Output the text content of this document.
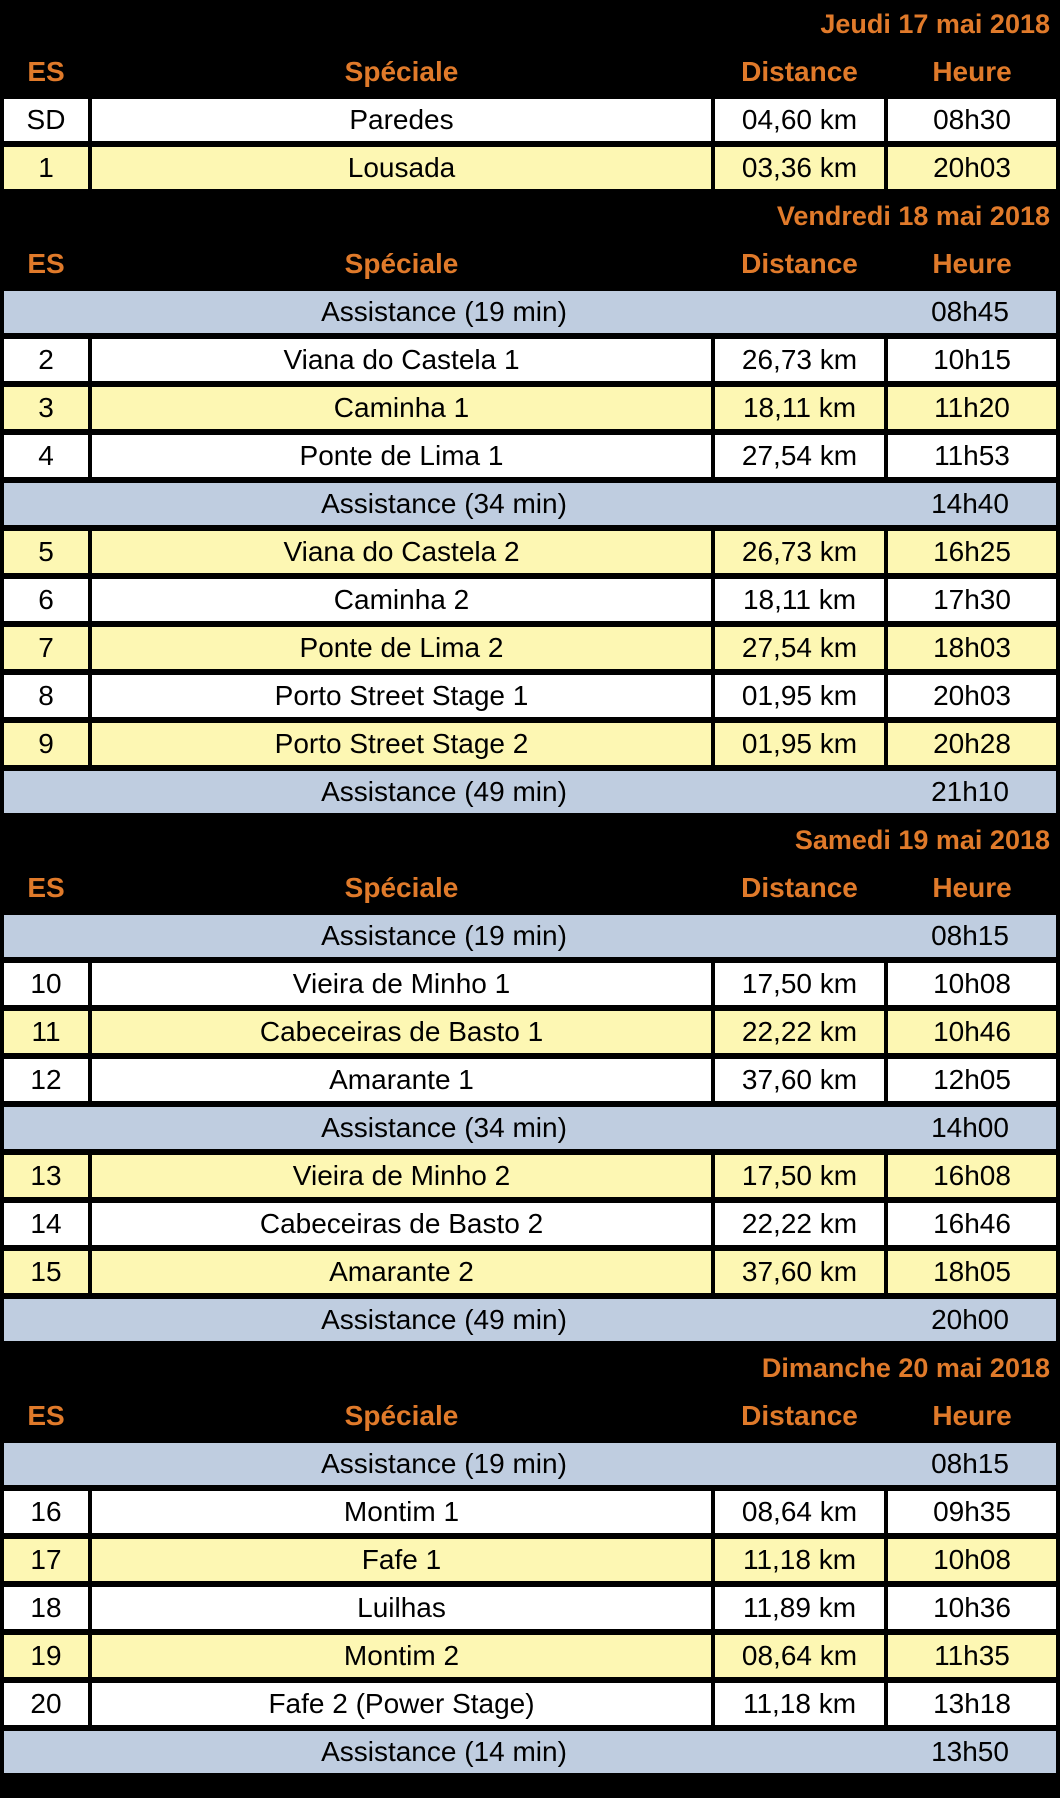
Jeudi 17 mai 2018
ES	Spéciale	Distance	Heure
SD	Paredes	04,60 km	08h30
1	Lousada	03,36 km	20h03
Vendredi 18 mai 2018
ES	Spéciale	Distance	Heure
Assistance (19 min)	08h45
2	Viana do Castela 1	26,73 km	10h15
3	Caminha 1	18,11 km	11h20
4	Ponte de Lima 1	27,54 km	11h53
Assistance (34 min)	14h40
5	Viana do Castela 2	26,73 km	16h25
6	Caminha 2	18,11 km	17h30
7	Ponte de Lima 2	27,54 km	18h03
8	Porto Street Stage 1	01,95 km	20h03
9	Porto Street Stage 2	01,95 km	20h28
Assistance (49 min)	21h10
Samedi 19 mai 2018
ES	Spéciale	Distance	Heure
Assistance (19 min)	08h15
10	Vieira de Minho 1	17,50 km	10h08
11	Cabeceiras de Basto 1	22,22 km	10h46
12	Amarante 1	37,60 km	12h05
Assistance (34 min)	14h00
13	Vieira de Minho 2	17,50 km	16h08
14	Cabeceiras de Basto 2	22,22 km	16h46
15	Amarante 2	37,60 km	18h05
Assistance (49 min)	20h00
Dimanche 20 mai 2018
ES	Spéciale	Distance	Heure
Assistance (19 min)	08h15
16	Montim 1	08,64 km	09h35
17	Fafe 1	11,18 km	10h08
18	Luilhas	11,89 km	10h36
19	Montim 2	08,64 km	11h35
20	Fafe 2 (Power Stage)	11,18 km	13h18
Assistance (14 min)	13h50
